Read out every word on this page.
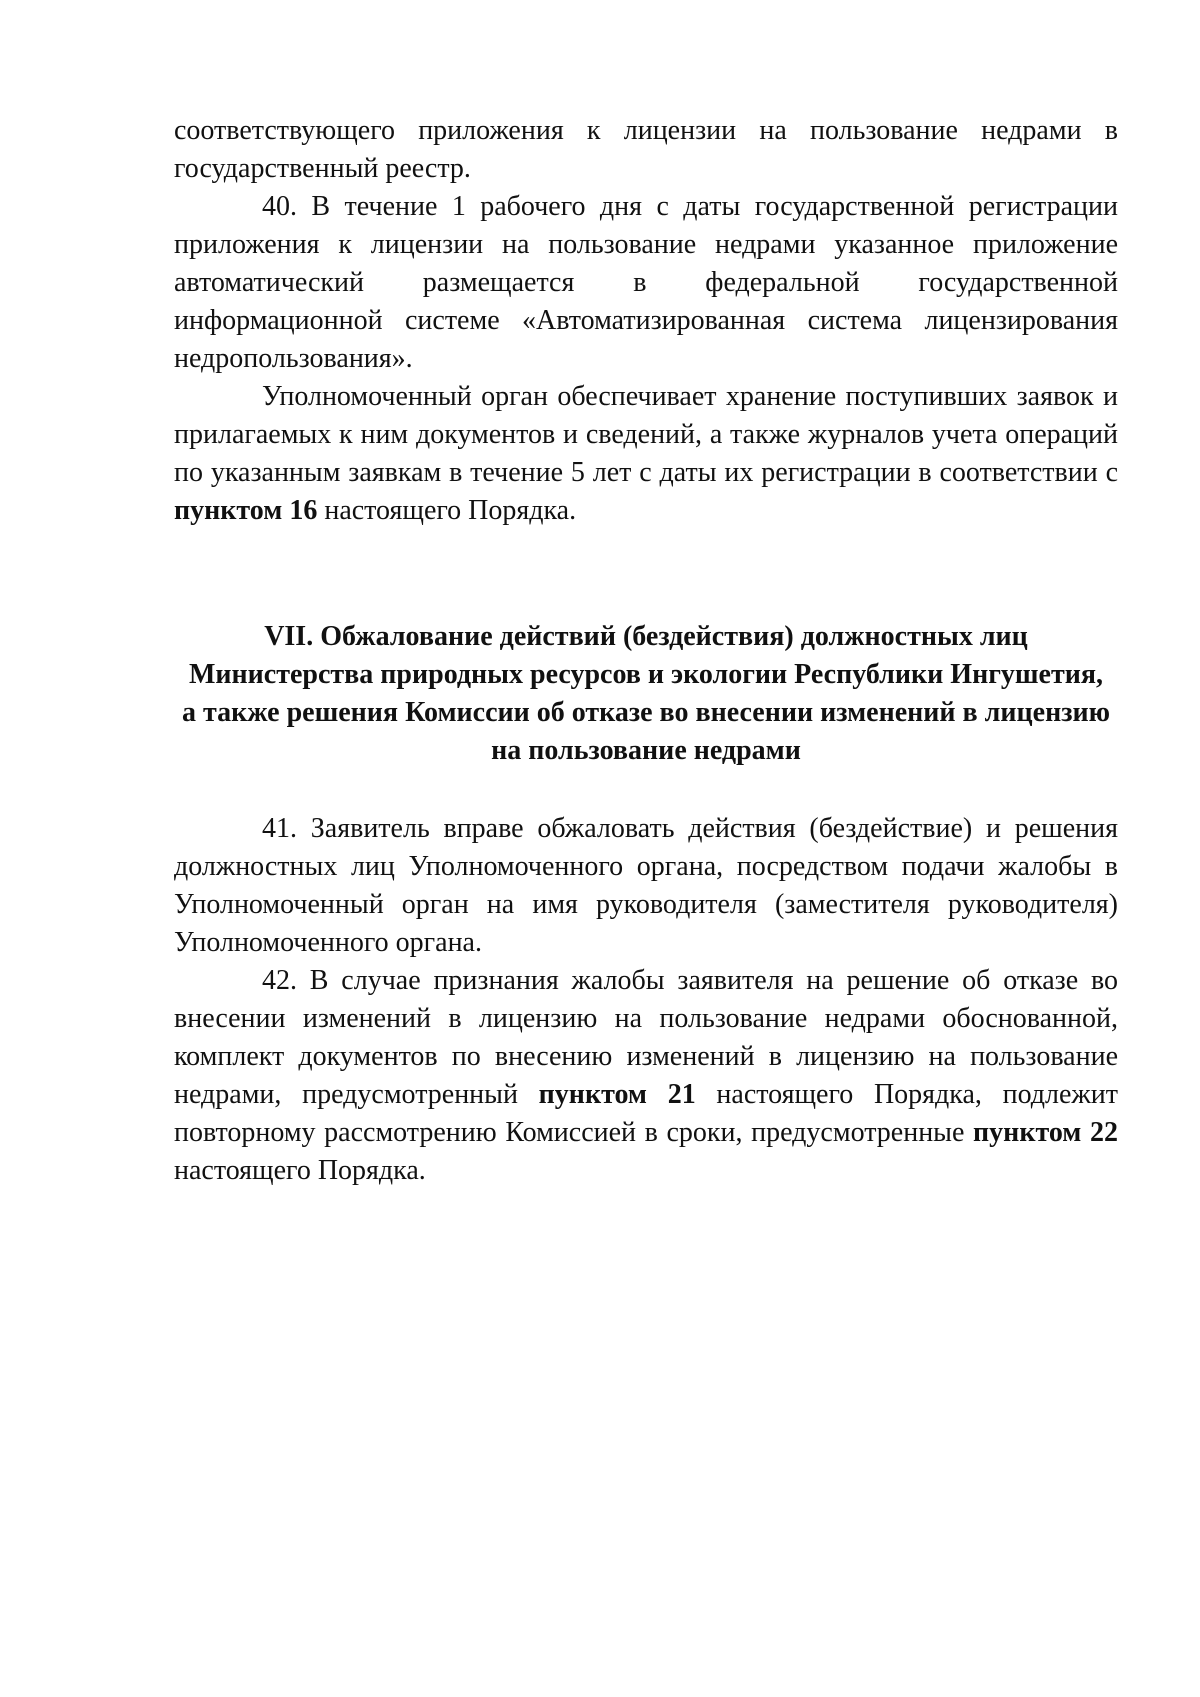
соответствующего приложения к лицензии на пользование недрами в государственный реестр.

40. В течение 1 рабочего дня с даты государственной регистрации приложения к лицензии на пользование недрами указанное приложение автоматический размещается в федеральной государственной информационной системе «Автоматизированная система лицензирования недропользования».

Уполномоченный орган обеспечивает хранение поступивших заявок и прилагаемых к ним документов и сведений, а также журналов учета операций по указанным заявкам в течение 5 лет с даты их регистрации в соответствии с пунктом 16 настоящего Порядка.

VII. Обжалование действий (бездействия) должностных лиц
Министерства природных ресурсов и экологии Республики Ингушетия,
а также решения Комиссии об отказе во внесении изменений в лицензию
на пользование недрами

41. Заявитель вправе обжаловать действия (бездействие) и решения должностных лиц Уполномоченного органа, посредством подачи жалобы в Уполномоченный орган на имя руководителя (заместителя руководителя) Уполномоченного органа.

42. В случае признания жалобы заявителя на решение об отказе во внесении изменений в лицензию на пользование недрами обоснованной, комплект документов по внесению изменений в лицензию на пользование недрами, предусмотренный пунктом 21 настоящего Порядка, подлежит повторному рассмотрению Комиссией в сроки, предусмотренные пунктом 22 настоящего Порядка.
